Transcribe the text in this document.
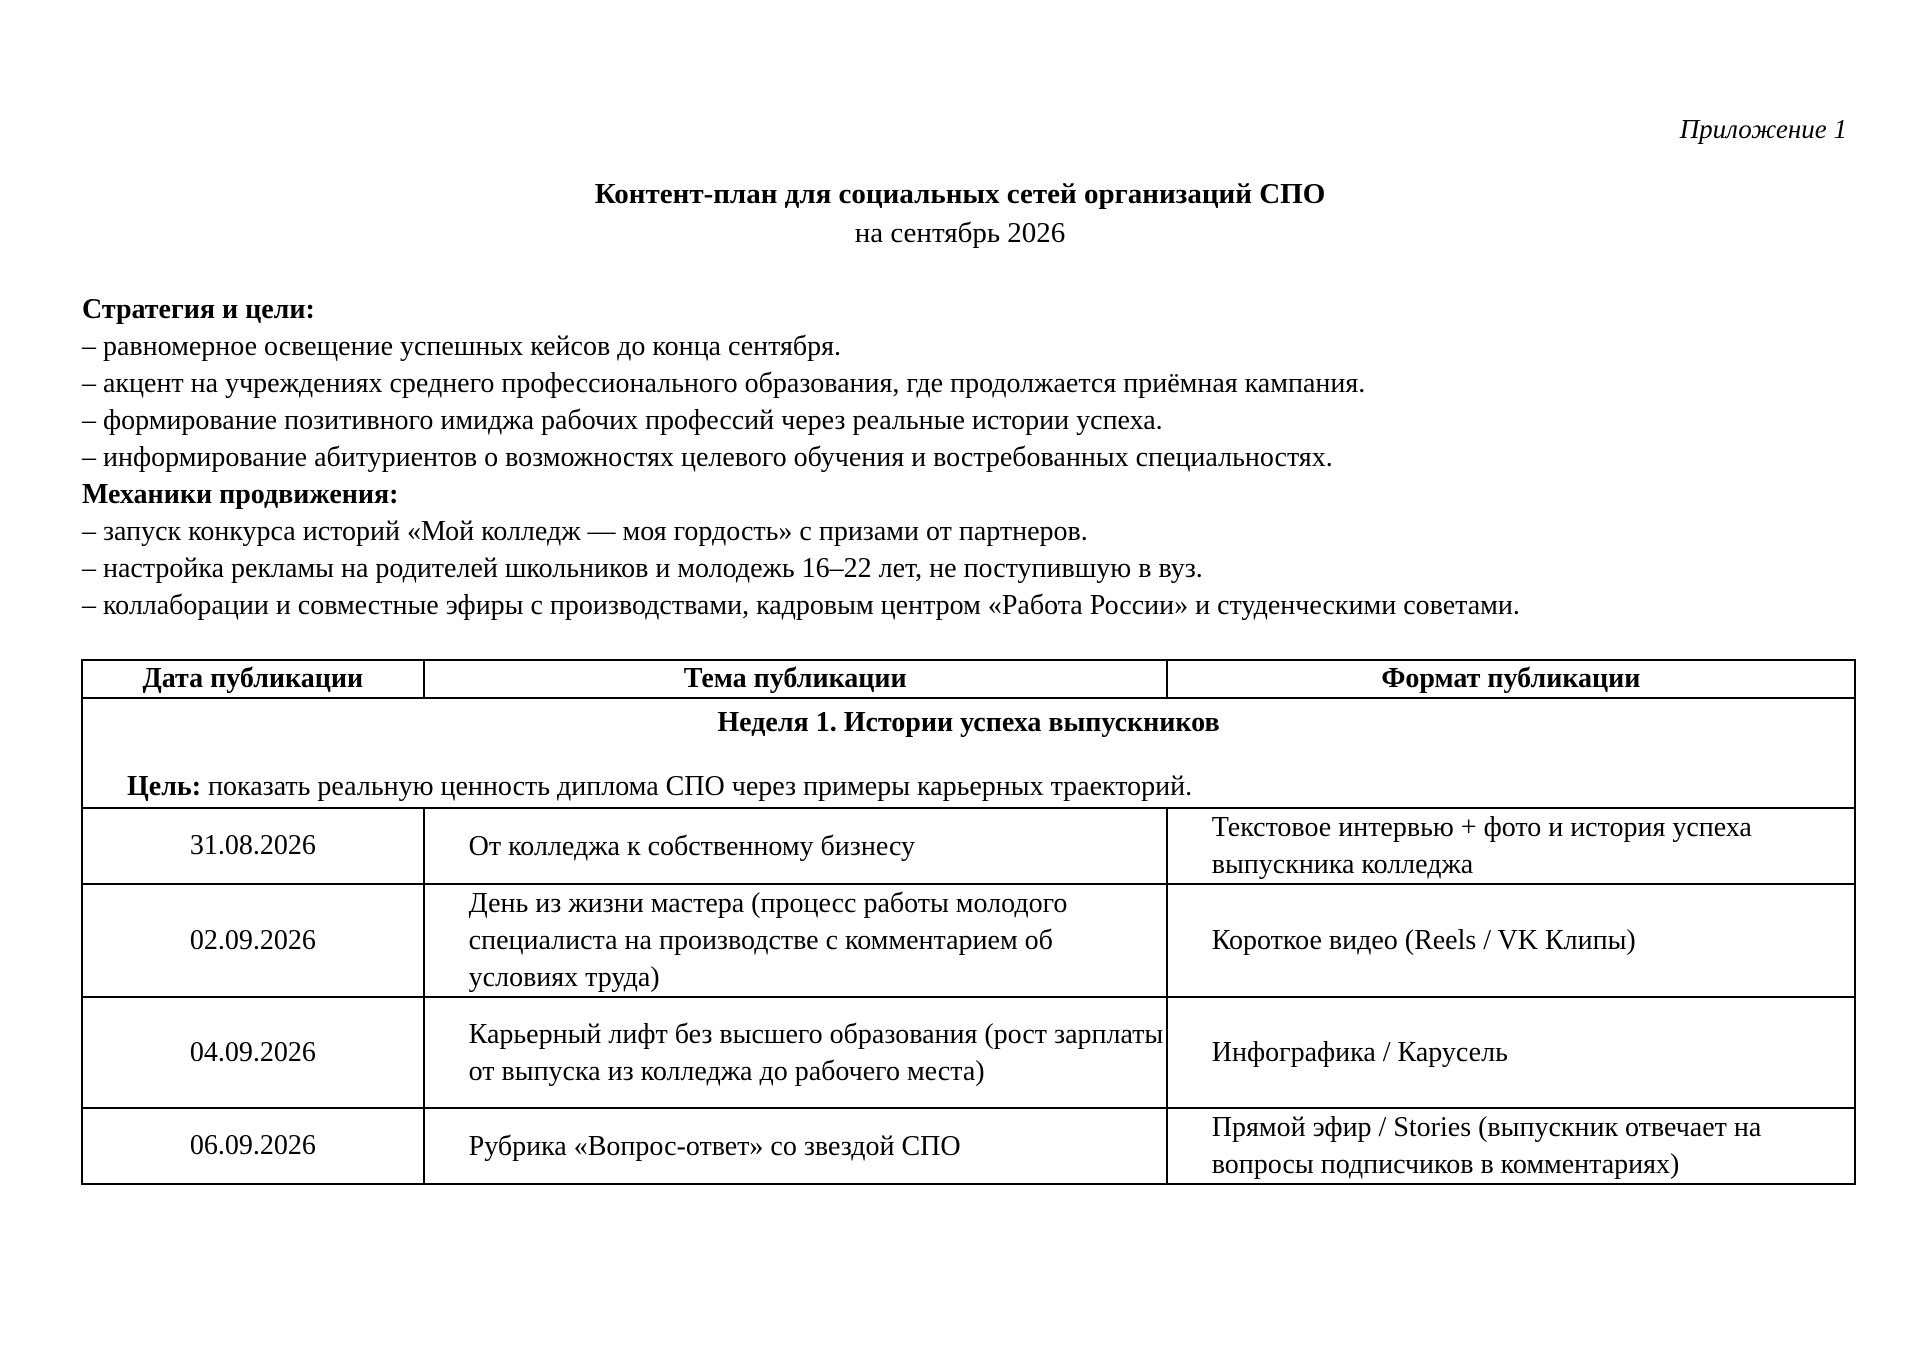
Приложение 1
Контент-план для социальных сетей организаций СПО
на сентябрь 2026
Стратегия и цели:
– равномерное освещение успешных кейсов до конца сентября.
– акцент на учреждениях среднего профессионального образования, где продолжается приёмная кампания.
– формирование позитивного имиджа рабочих профессий через реальные истории успеха.
– информирование абитуриентов о возможностях целевого обучения и востребованных специальностях.
Механики продвижения:
– запуск конкурса историй «Мой колледж — моя гордость» с призами от партнеров.
– настройка рекламы на родителей школьников и молодежь 16–22 лет, не поступившую в вуз.
– коллаборации и совместные эфиры с производствами, кадровым центром «Работа России» и студенческими советами.
Дата публикации	Тема публикации	Формат публикации

Неделя 1. Истории успеха выпускников
Цель: показать реальную ценность диплома СПО через примеры карьерных траекторий.		

31.08.2026	От колледжа к собственному бизнесу	Текстовое интервью + фото и история успеха выпускника колледжа
02.09.2026	День из жизни мастера (процесс работы молодого специалиста на производстве с комментарием об условиях труда)	Короткое видео (Reels / VK Клипы)
04.09.2026	Карьерный лифт без высшего образования (рост зарплаты от выпуска из колледжа до рабочего места)	Инфографика / Карусель
06.09.2026	Рубрика «Вопрос-ответ» со звездой СПО	Прямой эфир / Stories (выпускник отвечает на вопросы подписчиков в комментариях)
